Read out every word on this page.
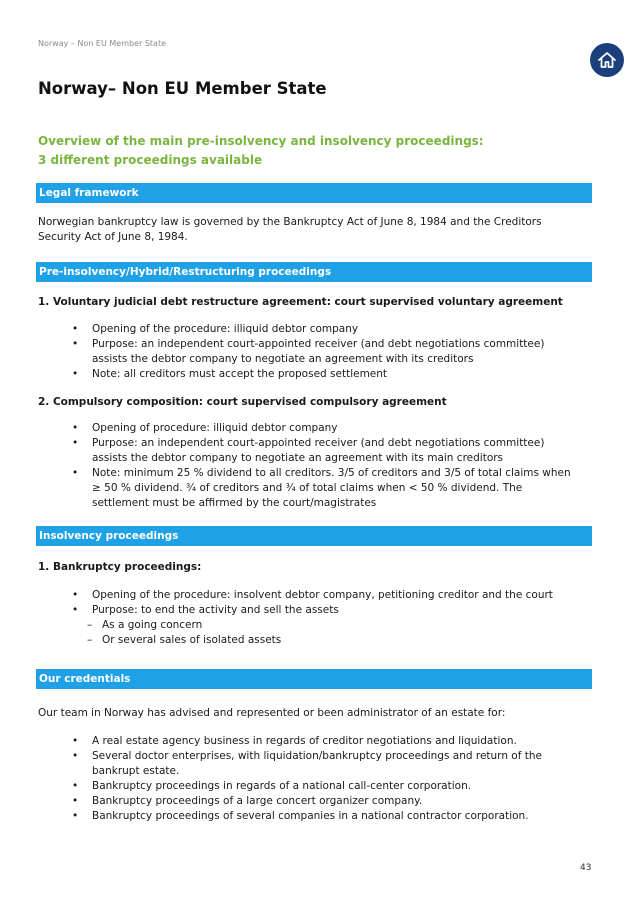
Norway – Non EU Member State
Norway– Non EU Member State
Overview of the main pre-insolvency and insolvency proceedings:
3 different proceedings available
Legal framework
Norwegian bankruptcy law is governed by the Bankruptcy Act of June 8, 1984 and the Creditors
Security Act of June 8, 1984.
Pre-insolvency/Hybrid/Restructuring proceedings
1. Voluntary judicial debt restructure agreement: court supervised voluntary agreement
• Opening of the procedure: illiquid debtor company
• Purpose: an independent court-appointed receiver (and debt negotiations committee)
assists the debtor company to negotiate an agreement with its creditors
• Note: all creditors must accept the proposed settlement
2. Compulsory composition: court supervised compulsory agreement
• Opening of procedure: illiquid debtor company
• Purpose: an independent court-appointed receiver (and debt negotiations committee)
assists the debtor company to negotiate an agreement with its main creditors
• Note: minimum 25 % dividend to all creditors. 3/5 of creditors and 3/5 of total claims when
≥ 50 % dividend. ¾ of creditors and ¾ of total claims when < 50 % dividend. The
settlement must be affirmed by the court/magistrates
Insolvency proceedings
1. Bankruptcy proceedings:
• Opening of the procedure: insolvent debtor company, petitioning creditor and the court
• Purpose: to end the activity and sell the assets
– As a going concern
– Or several sales of isolated assets
Our credentials
Our team in Norway has advised and represented or been administrator of an estate for:
• A real estate agency business in regards of creditor negotiations and liquidation.
• Several doctor enterprises, with liquidation/bankruptcy proceedings and return of the
bankrupt estate.
• Bankruptcy proceedings in regards of a national call-center corporation.
• Bankruptcy proceedings of a large concert organizer company.
• Bankruptcy proceedings of several companies in a national contractor corporation.
43
